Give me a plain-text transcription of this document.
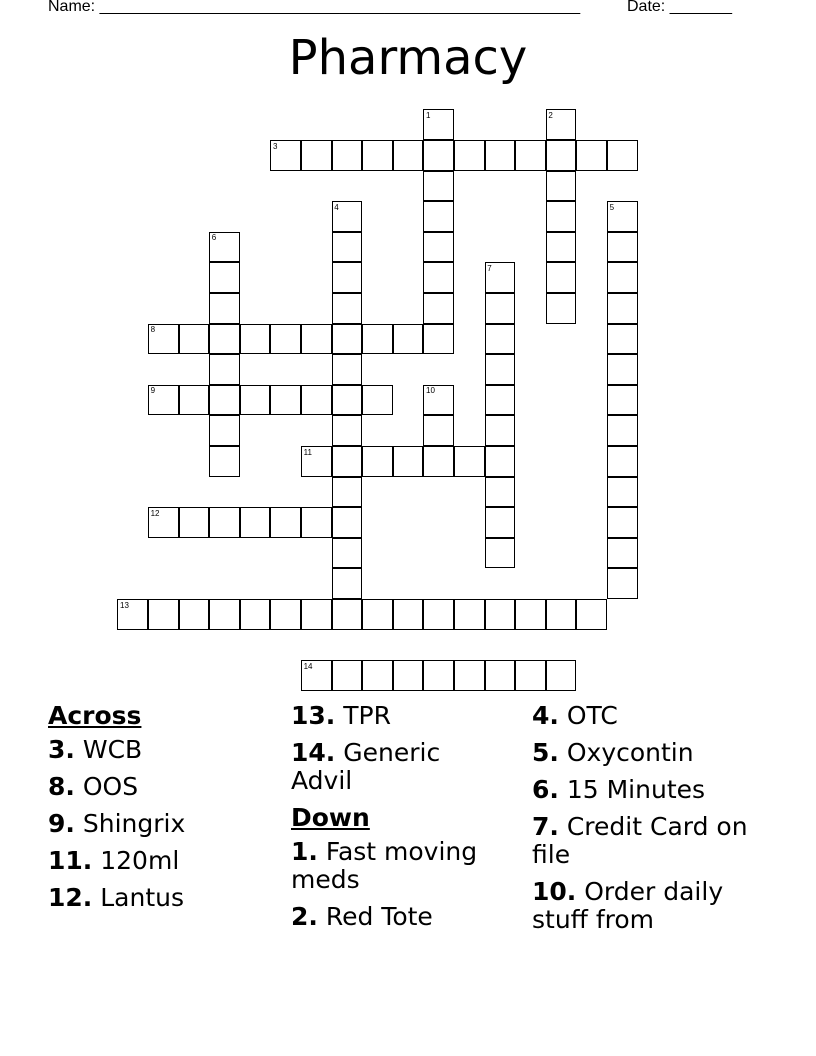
Name: ______________________________________________________	Date: _______
Pharmacy
1	2
3
4	5
6
7
8
9	10
11
12
13
14
Across
3. WCB
8. OOS
9. Shingrix
11. 120ml
12. Lantus
13. TPR
14. Generic Advil
Down
1. Fast moving meds
2. Red Tote
4. OTC
5. Oxycontin
6. 15 Minutes
7. Credit Card on file
10. Order daily stuff from
